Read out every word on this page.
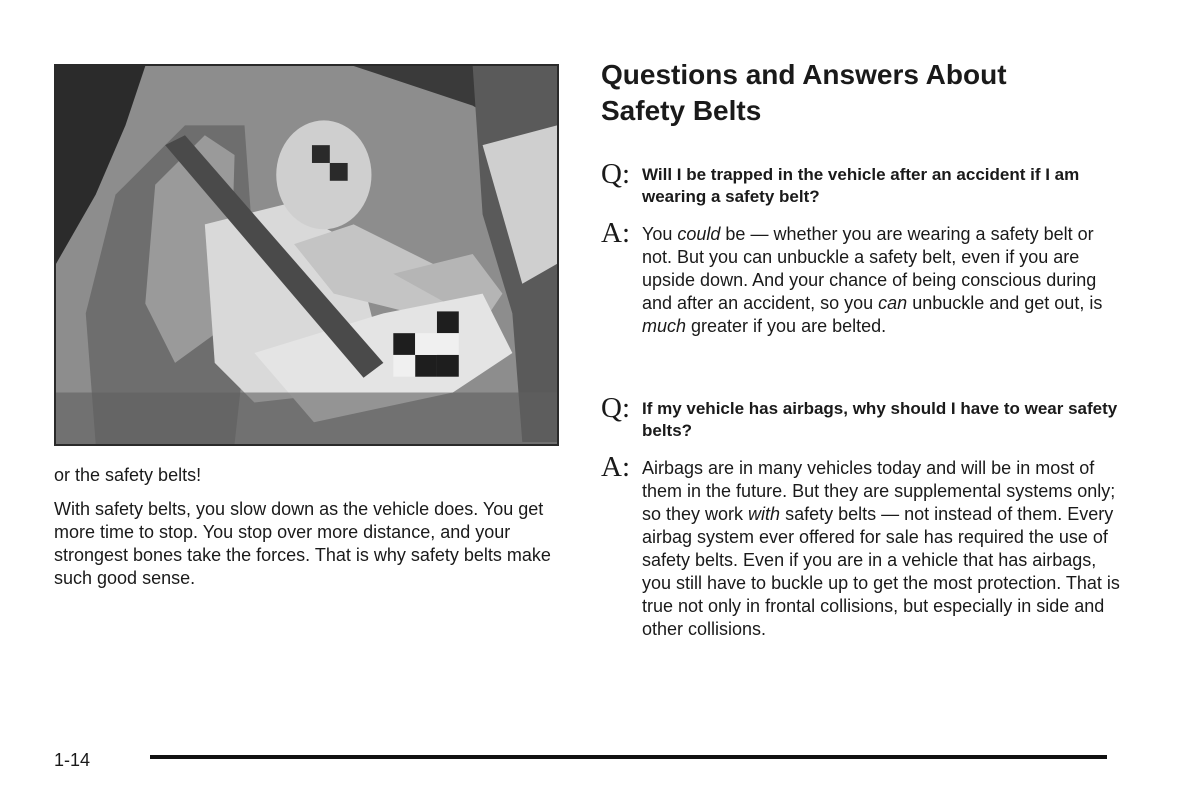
or the safety belts!

With safety belts, you slow down as the vehicle does. You get more time to stop. You stop over more distance, and your strongest bones take the forces. That is why safety belts make such good sense.

Questions and Answers About
Safety Belts
Q: Will I be trapped in the vehicle after an accident if I am wearing a safety belt?
A: You could be — whether you are wearing a safety belt or not. But you can unbuckle a safety belt, even if you are upside down. And your chance of being conscious during and after an accident, so you can unbuckle and get out, is much greater if you are belted.
Q: If my vehicle has airbags, why should I have to wear safety belts?
A: Airbags are in many vehicles today and will be in most of them in the future. But they are supplemental systems only; so they work with safety belts — not instead of them. Every airbag system ever offered for sale has required the use of safety belts. Even if you are in a vehicle that has airbags, you still have to buckle up to get the most protection. That is true not only in frontal collisions, but especially in side and other collisions.
1-14
